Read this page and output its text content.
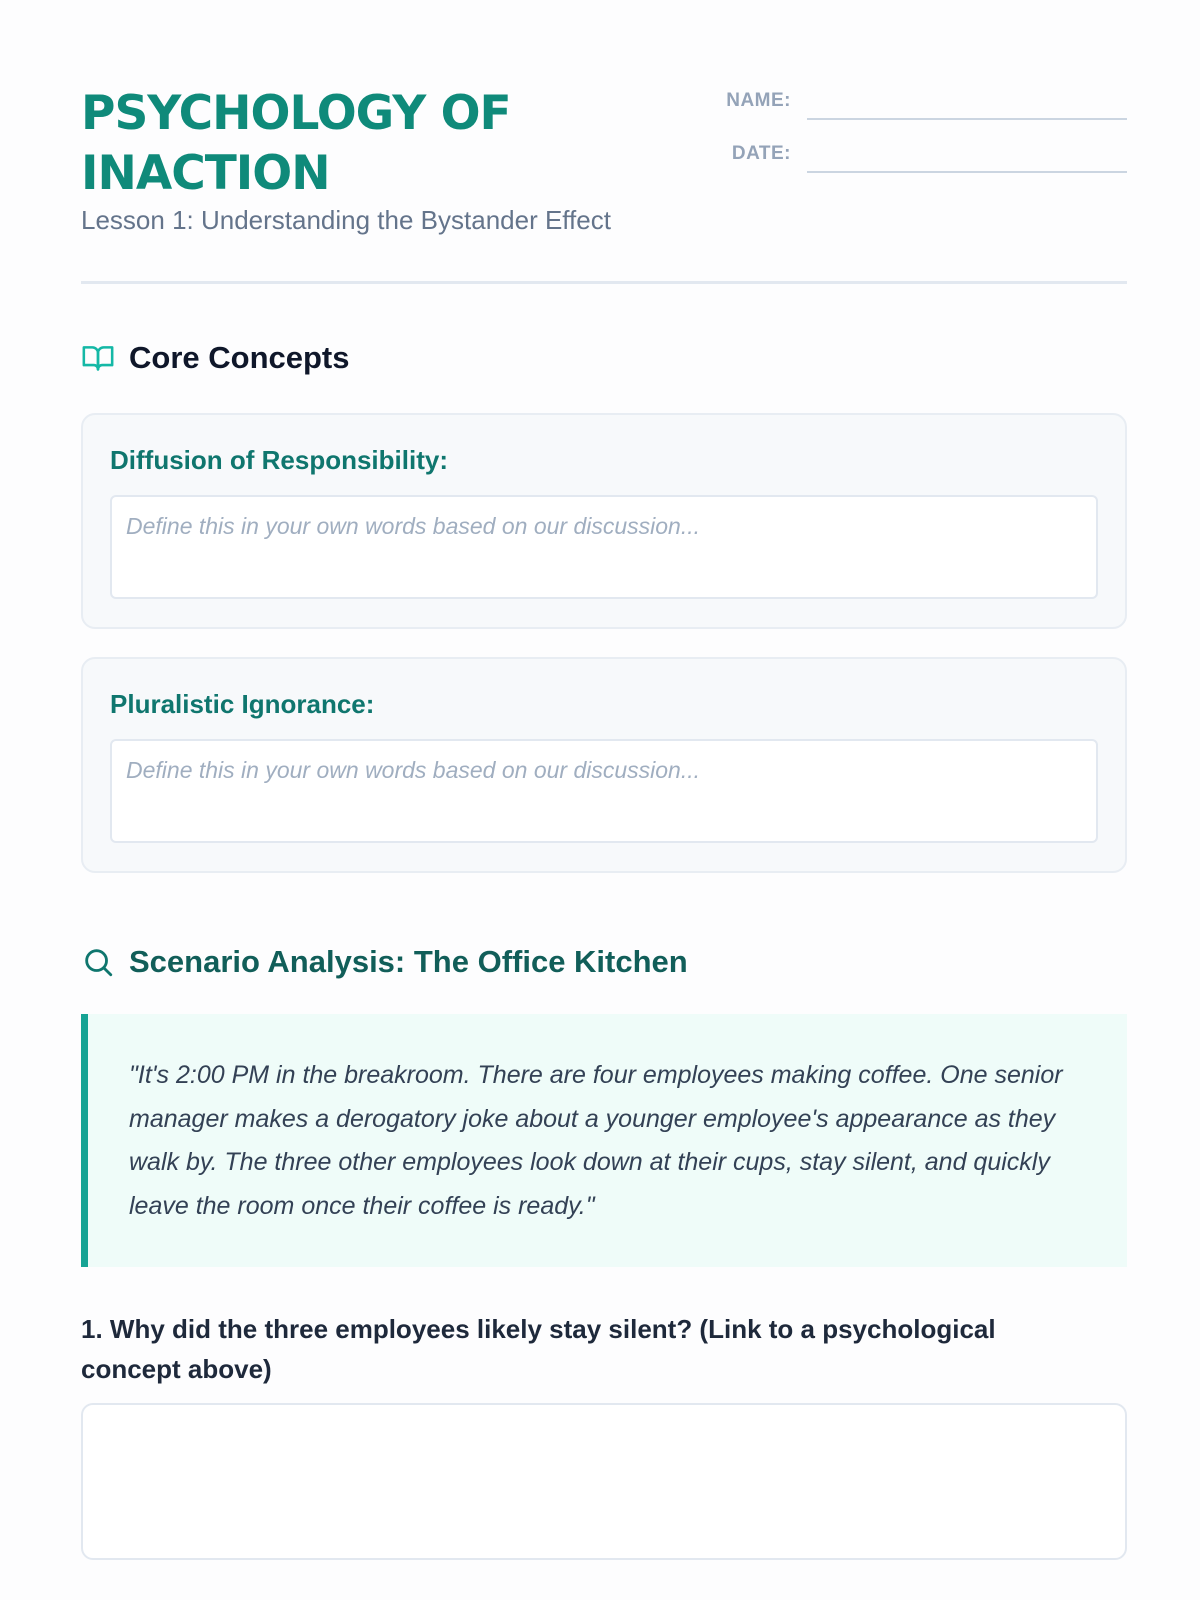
PSYCHOLOGY OF INACTION

Lesson 1: Understanding the Bystander Effect

NAME:
DATE:
Core Concepts
Diffusion of Responsibility:
Define this in your own words based on our discussion...
Pluralistic Ignorance:
Define this in your own words based on our discussion...
Scenario Analysis: The Office Kitchen

"It's 2:00 PM in the breakroom. There are four employees making coffee. One senior manager makes a derogatory joke about a younger employee's appearance as they walk by. The three other employees look down at their cups, stay silent, and quickly leave the room once their coffee is ready."

1. Why did the three employees likely stay silent? (Link to a psychological concept above)
